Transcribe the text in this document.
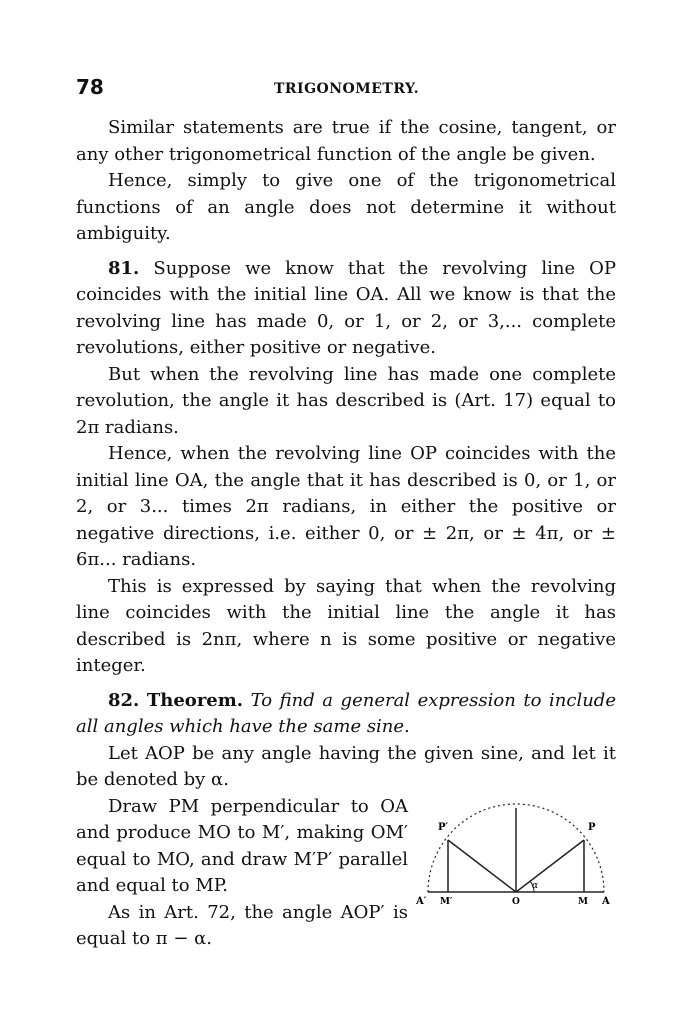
78	TRIGONOMETRY.

Similar statements are true if the cosine, tangent, or any other trigonometrical function of the angle be given.

Hence, simply to give one of the trigonometrical functions of an angle does not determine it without ambiguity.

81. Suppose we know that the revolving line OP coincides with the initial line OA. All we know is that the revolving line has made 0, or 1, or 2, or 3,... complete revolutions, either positive or negative.

But when the revolving line has made one complete revolution, the angle it has described is (Art. 17) equal to 2π radians.

Hence, when the revolving line OP coincides with the initial line OA, the angle that it has described is 0, or 1, or 2, or 3... times 2π radians, in either the positive or negative directions, i.e. either 0, or ± 2π, or ± 4π, or ± 6π... radians.

This is expressed by saying that when the revolving line coincides with the initial line the angle it has described is 2nπ, where n is some positive or negative integer.

82. Theorem. To find a general expression to include all angles which have the same sine.

Let AOP be any angle having the given sine, and let it be denoted by α.

Draw PM perpendicular to OA and produce MO to M′, making OM′ equal to MO, and draw M′P′ parallel and equal to MP.

As in Art. 72, the angle AOP′ is equal to π − α.

P′	P
A′ M′	O	M A
α
